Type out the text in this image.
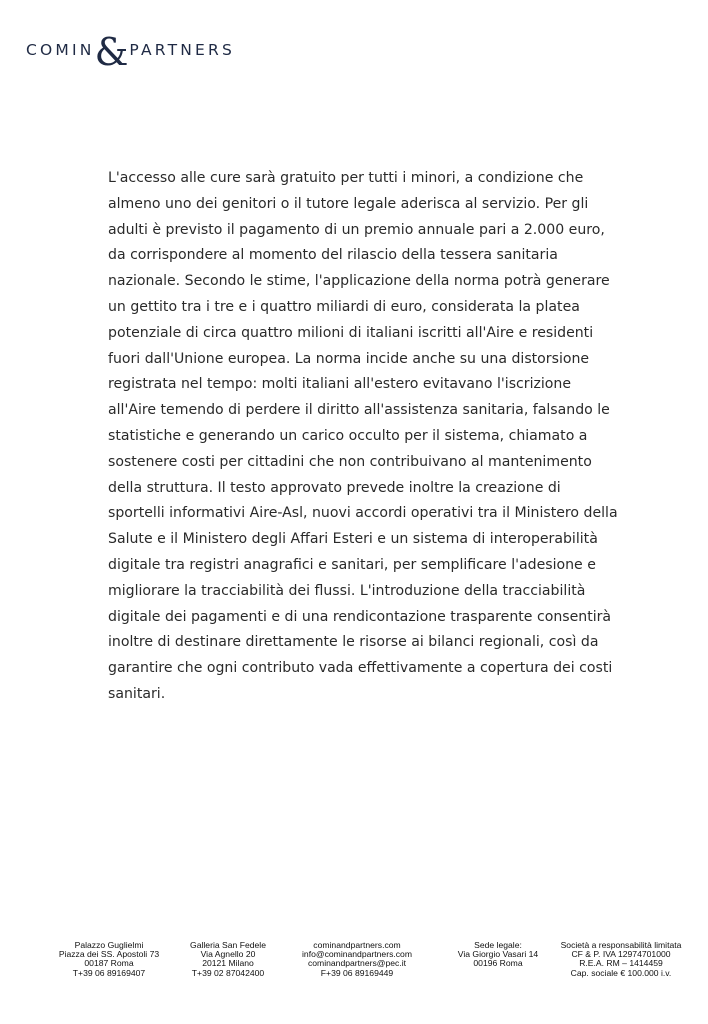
COMIN & PARTNERS

L'accesso alle cure sarà gratuito per tutti i minori, a condizione che almeno uno dei genitori o il tutore legale aderisca al servizio. Per gli adulti è previsto il pagamento di un premio annuale pari a 2.000 euro, da corrispondere al momento del rilascio della tessera sanitaria nazionale. Secondo le stime, l'applicazione della norma potrà generare un gettito tra i tre e i quattro miliardi di euro, considerata la platea potenziale di circa quattro milioni di italiani iscritti all'Aire e residenti fuori dall'Unione europea. La norma incide anche su una distorsione registrata nel tempo: molti italiani all'estero evitavano l'iscrizione all'Aire temendo di perdere il diritto all'assistenza sanitaria, falsando le statistiche e generando un carico occulto per il sistema, chiamato a sostenere costi per cittadini che non contribuivano al mantenimento della struttura. Il testo approvato prevede inoltre la creazione di sportelli informativi Aire-Asl, nuovi accordi operativi tra il Ministero della Salute e il Ministero degli Affari Esteri e un sistema di interoperabilità digitale tra registri anagrafici e sanitari, per semplificare l'adesione e migliorare la tracciabilità dei flussi. L'introduzione della tracciabilità digitale dei pagamenti e di una rendicontazione trasparente consentirà inoltre di destinare direttamente le risorse ai bilanci regionali, così da garantire che ogni contributo vada effettivamente a copertura dei costi sanitari.

Palazzo Guglielmi
Piazza dei SS. Apostoli 73
00187 Roma
T+39 06 89169407
Galleria San Fedele
Via Agnello 20
20121 Milano
T+39 02 87042400
cominandpartners.com
info@cominandpartners.com
cominandpartners@pec.it
F+39 06 89169449
Sede legale:
Via Giorgio Vasari 14
00196 Roma
Società a responsabilità limitata
CF & P. IVA 12974701000
R.E.A. RM – 1414459
Cap. sociale € 100.000 i.v.
